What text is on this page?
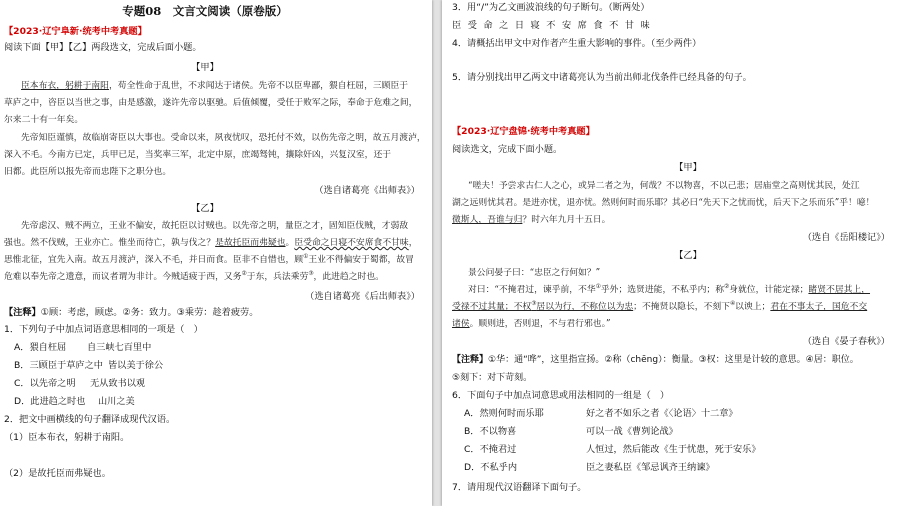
专题08　文言文阅读（原卷版）
【2023·辽宁阜新·统考中考真题】
阅读下面【甲】【乙】两段选文，完成后面小题。
【甲】
臣本布衣，躬耕于南阳，苟全性命于乱世，不求闻达于诸侯。先帝不以臣卑鄙，猥自枉屈，三顾臣于
草庐之中，咨臣以当世之事，由是感激，遂许先帝以驱驰。后值倾覆，受任于败军之际，奉命于危难之间，
尔来二十有一年矣。
先帝知臣谨慎，故临崩寄臣以大事也。受命以来，夙夜忧叹，恐托付不效，以伤先帝之明，故五月渡泸，
深入不毛。今南方已定，兵甲已足，当奖率三军，北定中原，庶竭驽钝，攘除奸凶，兴复汉室，还于
旧都。此臣所以报先帝而忠陛下之职分也。
（选自诸葛亮《出师表》）
【乙】
先帝虑汉、贼不两立，王业不偏安，故托臣以讨贼也。以先帝之明，量臣之才，固知臣伐贼，才弱敌
强也。然不伐贼，王业亦亡。惟坐而待亡，孰与伐之？是故托臣而弗疑也。臣受命之日寝不安席食不甘味，
思惟北征，宜先入南。故五月渡泸，深入不毛，并日而食。臣非不自惜也，顾①王业不得偏安于蜀都，故冒
危难以奉先帝之遗意，而议者谓为非计。今贼适疲于西，又务②于东，兵法乘劳③，此进趋之时也。
（选自诸葛亮《后出师表》）
【注释】①顾：考虑，顾虑。②务：致力。③乘劳：趁着疲劳。
1．下列句子中加点词语意思相同的一项是（　）
A．猥自枉屈 自三峡七百里中
B．三顾臣于草庐之中 皆以美于徐公
C．以先帝之明 无从致书以观
D．此进趋之时也 山川之美
2．把文中画横线的句子翻译成现代汉语。
（1）臣本布衣，躬耕于南阳。
（2）是故托臣而弗疑也。
3．用“/”为乙文画波浪线的句子断句。（断两处）
臣 受 命 之 日 寝 不 安 席 食 不 甘 味
4．请概括出甲文中对作者产生重大影响的事件。（至少两件）
5．请分别找出甲乙两文中诸葛亮认为当前出师北伐条件已经具备的句子。
【2023·辽宁盘锦·统考中考真题】
阅读选文，完成下面小题。
【甲】
“嗟夫！予尝求古仁人之心，或异二者之为，何哉？不以物喜，不以己悲；居庙堂之高则忧其民，处江
湖之远则忧其君。是进亦忧，退亦忧。然则何时而乐耶？其必曰“先天下之忧而忧，后天下之乐而乐”乎！噫！
微斯人，吾谁与归？时六年九月十五日。
（选自《岳阳楼记》）
【乙】
景公问晏子曰：“忠臣之行何如？”
对曰：“不掩君过，谏乎前，不华①乎外；选贤进能，不私乎内；称②身就位，计能定禄；睹贤不居其上，
受禄不过其量；不权③居以为行，不称位以为忠；不掩贤以隐长，不刻下④以谀上；君在不事太子，国危不交
诸侯。顺则进，否则退，不与君行邪也。”
（选自《晏子春秋》）
【注释】①华：通“哗”，这里指宣扬。②称（chēng）：衡量。③权：这里是计较的意思。④居：职位。
⑤刻下：对下苛刻。
6．下面句子中加点词意思或用法相同的一组是（　）
A．然则何时而乐耶	好之者不如乐之者《〈论语〉十二章》
B．不以物喜	可以一战《曹刿论战》
C．不掩君过	人恒过，然后能改《生于忧患，死于安乐》
D．不私乎内	臣之妻私臣《邹忌讽齐王纳谏》
7．请用现代汉语翻译下面句子。
